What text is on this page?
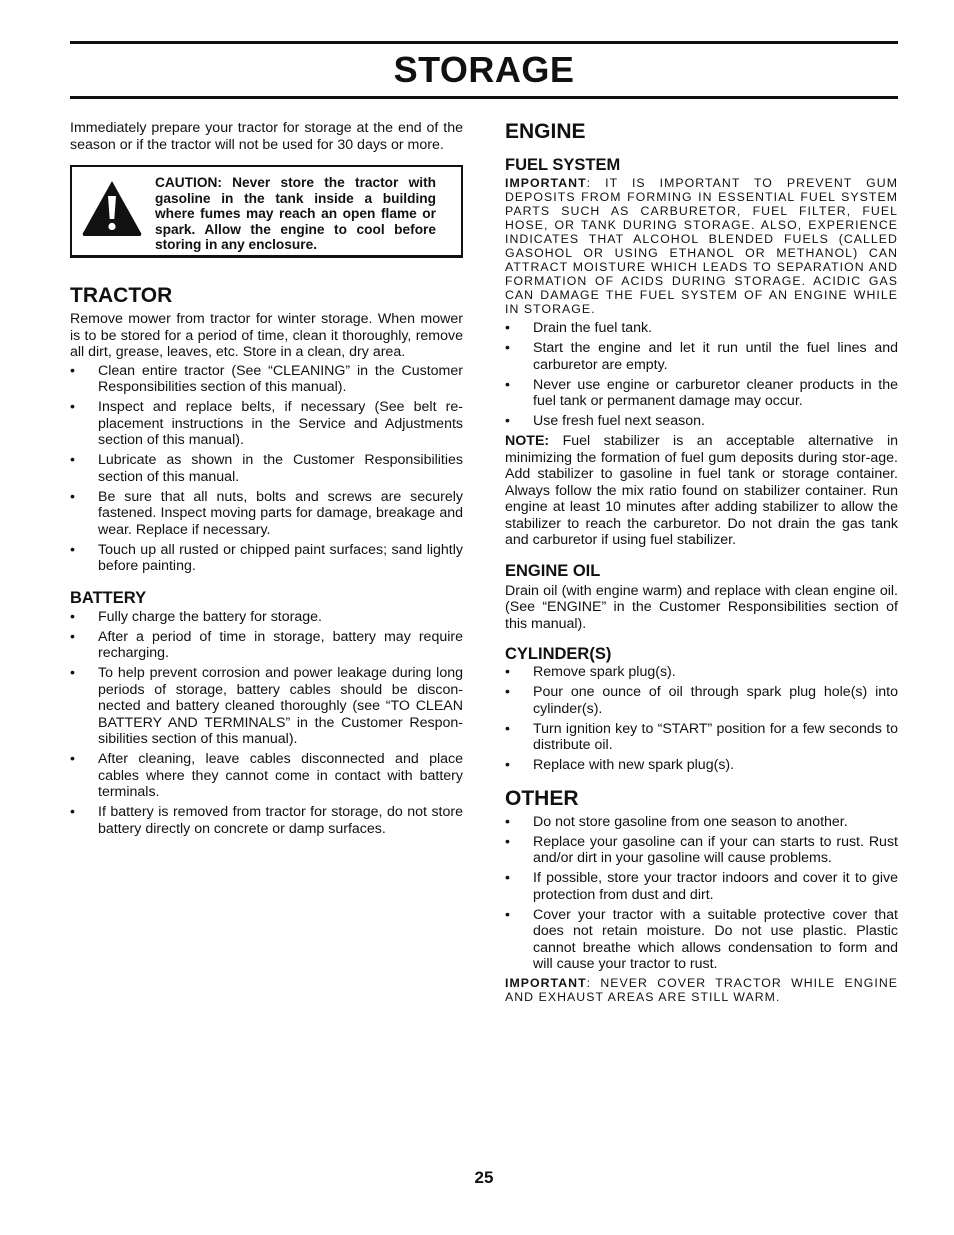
STORAGE

Immediately prepare your tractor for storage at the end of the season or if the tractor will not be used for 30 days or more.

CAUTION: Never store the tractor with gasoline in the tank inside a building where fumes may reach an open flame or spark. Allow the engine to cool before storing in any enclosure.
TRACTOR

Remove mower from tractor for winter storage. When mower is to be stored for a period of time, clean it thoroughly, remove all dirt, grease, leaves, etc. Store in a clean, dry area.

• Clean entire tractor (See “CLEANING” in the Customer Responsibilities section of this manual).
• Inspect and replace belts, if necessary (See belt re-placement instructions in the Service and Adjustments section of this manual).
• Lubricate as shown in the Customer Responsibilities section of this manual.
• Be sure that all nuts, bolts and screws are securely fastened. Inspect moving parts for damage, breakage and wear. Replace if necessary.
• Touch up all rusted or chipped paint surfaces; sand lightly before painting.
BATTERY
• Fully charge the battery for storage.
• After a period of time in storage, battery may require recharging.
• To help prevent corrosion and power leakage during long periods of storage, battery cables should be discon-nected and battery cleaned thoroughly (see “TO CLEAN BATTERY AND TERMINALS” in the Customer Respon-sibilities section of this manual).
• After cleaning, leave cables disconnected and place cables where they cannot come in contact with battery terminals.
• If battery is removed from tractor for storage, do not store battery directly on concrete or damp surfaces.
ENGINE
FUEL SYSTEM

IMPORTANT: IT IS IMPORTANT TO PREVENT GUM DEPOSITS FROM FORMING IN ESSENTIAL FUEL SYSTEM PARTS SUCH AS CARBURETOR, FUEL FILTER, FUEL HOSE, OR TANK DURING STORAGE. ALSO, EXPERIENCE INDICATES THAT ALCOHOL BLENDED FUELS (CALLED GASOHOL OR USING ETHANOL OR METHANOL) CAN ATTRACT MOISTURE WHICH LEADS TO SEPARATION AND FORMATION OF ACIDS DURING STORAGE. ACIDIC GAS CAN DAMAGE THE FUEL SYSTEM OF AN ENGINE WHILE IN STORAGE.

• Drain the fuel tank.
• Start the engine and let it run until the fuel lines and carburetor are empty.
• Never use engine or carburetor cleaner products in the fuel tank or permanent damage may occur.
• Use fresh fuel next season.

NOTE: Fuel stabilizer is an acceptable alternative in minimizing the formation of fuel gum deposits during stor-age. Add stabilizer to gasoline in fuel tank or storage container. Always follow the mix ratio found on stabilizer container. Run engine at least 10 minutes after adding stabilizer to allow the stabilizer to reach the carburetor. Do not drain the gas tank and carburetor if using fuel stabilizer.

ENGINE OIL

Drain oil (with engine warm) and replace with clean engine oil. (See “ENGINE” in the Customer Responsibilities section of this manual).

CYLINDER(S)
• Remove spark plug(s).
• Pour one ounce of oil through spark plug hole(s) into cylinder(s).
• Turn ignition key to “START” position for a few seconds to distribute oil.
• Replace with new spark plug(s).
OTHER
• Do not store gasoline from one season to another.
• Replace your gasoline can if your can starts to rust. Rust and/or dirt in your gasoline will cause problems.
• If possible, store your tractor indoors and cover it to give protection from dust and dirt.
• Cover your tractor with a suitable protective cover that does not retain moisture. Do not use plastic. Plastic cannot breathe which allows condensation to form and will cause your tractor to rust.

IMPORTANT: NEVER COVER TRACTOR WHILE ENGINE AND EXHAUST AREAS ARE STILL WARM.

25
